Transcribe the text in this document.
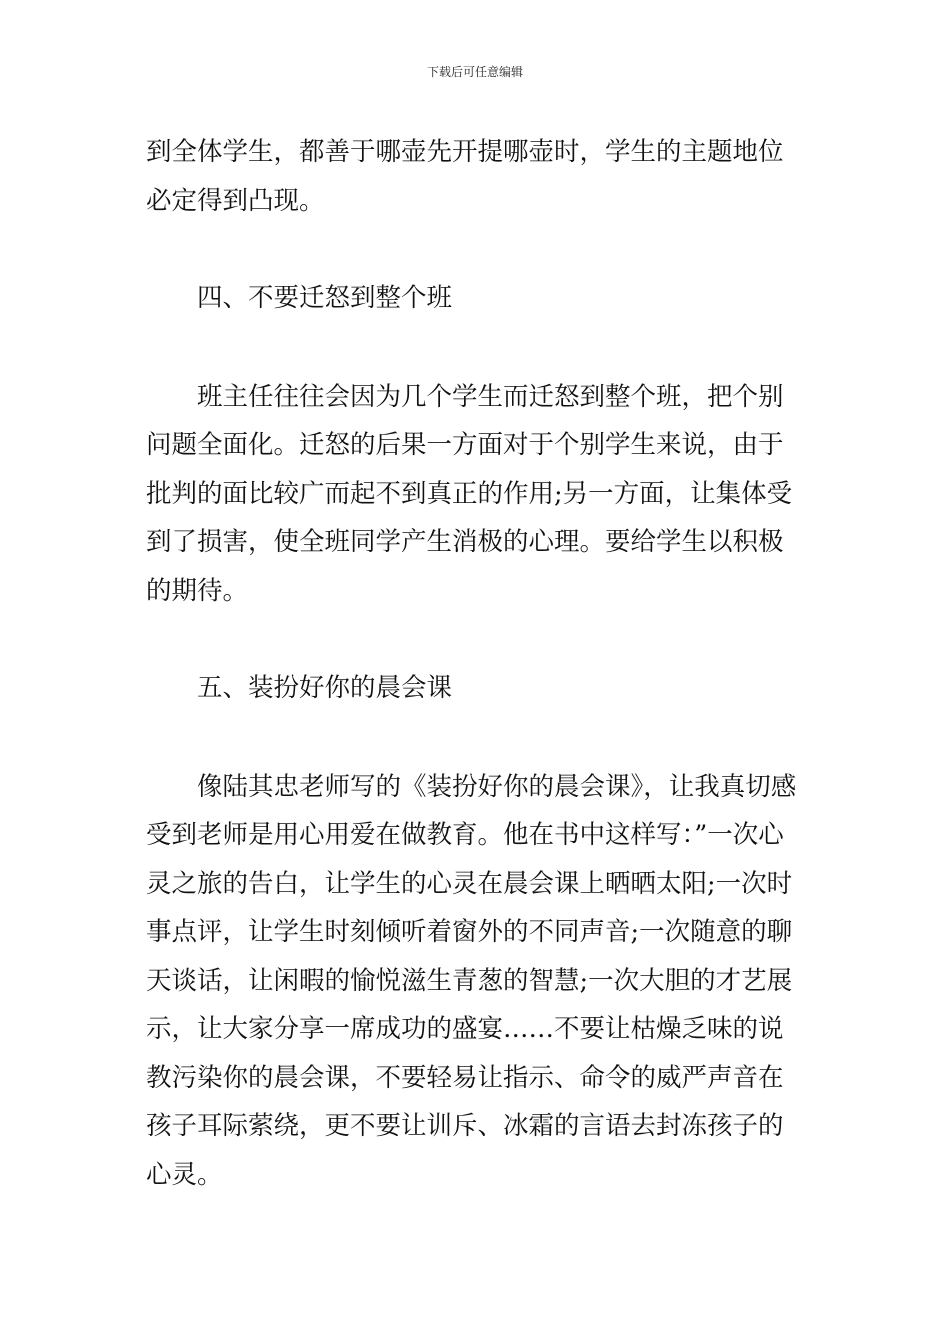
下载后可任意编辑

到全体学生，都善于哪壶先开提哪壶时，学生的主题地位必定得到凸现。

四、不要迁怒到整个班

班主任往往会因为几个学生而迁怒到整个班，把个别问题全面化。迁怒的后果一方面对于个别学生来说，由于批判的面比较广而起不到真正的作用;另一方面，让集体受到了损害，使全班同学产生消极的心理。要给学生以积极的期待。

五、装扮好你的晨会课

像陆其忠老师写的《装扮好你的晨会课》，让我真切感受到老师是用心用爱在做教育。他在书中这样写：”一次心灵之旅的告白，让学生的心灵在晨会课上晒晒太阳;一次时事点评，让学生时刻倾听着窗外的不同声音;一次随意的聊天谈话，让闲暇的愉悦滋生青葱的智慧;一次大胆的才艺展示，让大家分享一席成功的盛宴……不要让枯燥乏味的说教污染你的晨会课，不要轻易让指示、命令的威严声音在孩子耳际萦绕，更不要让训斥、冰霜的言语去封冻孩子的心灵。
